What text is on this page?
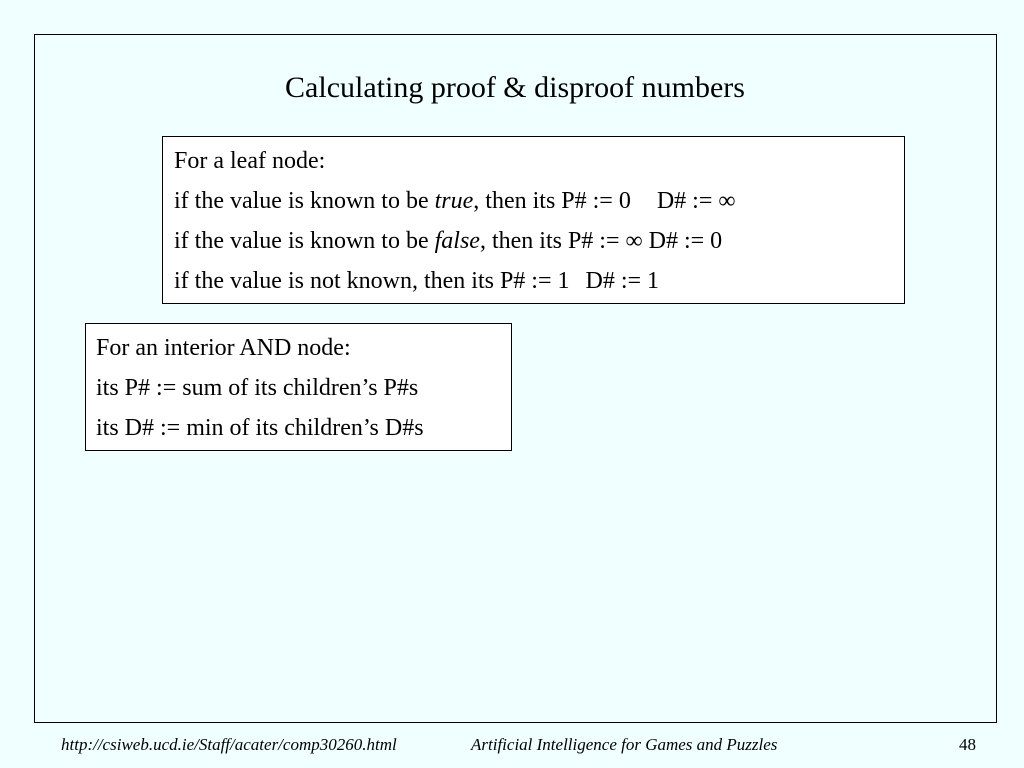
Calculating proof & disproof numbers
For a leaf node:
if the value is known to be true, then its P# := 0 D# := ∞
if the value is known to be false, then its P# := ∞ D# := 0
if the value is not known, then its P# := 1 D# := 1
For an interior AND node:
its P# := sum of its children’s P#s
its D# := min of its children’s D#s
http://csiweb.ucd.ie/Staff/acater/comp30260.html	Artificial Intelligence for Games and Puzzles	48
